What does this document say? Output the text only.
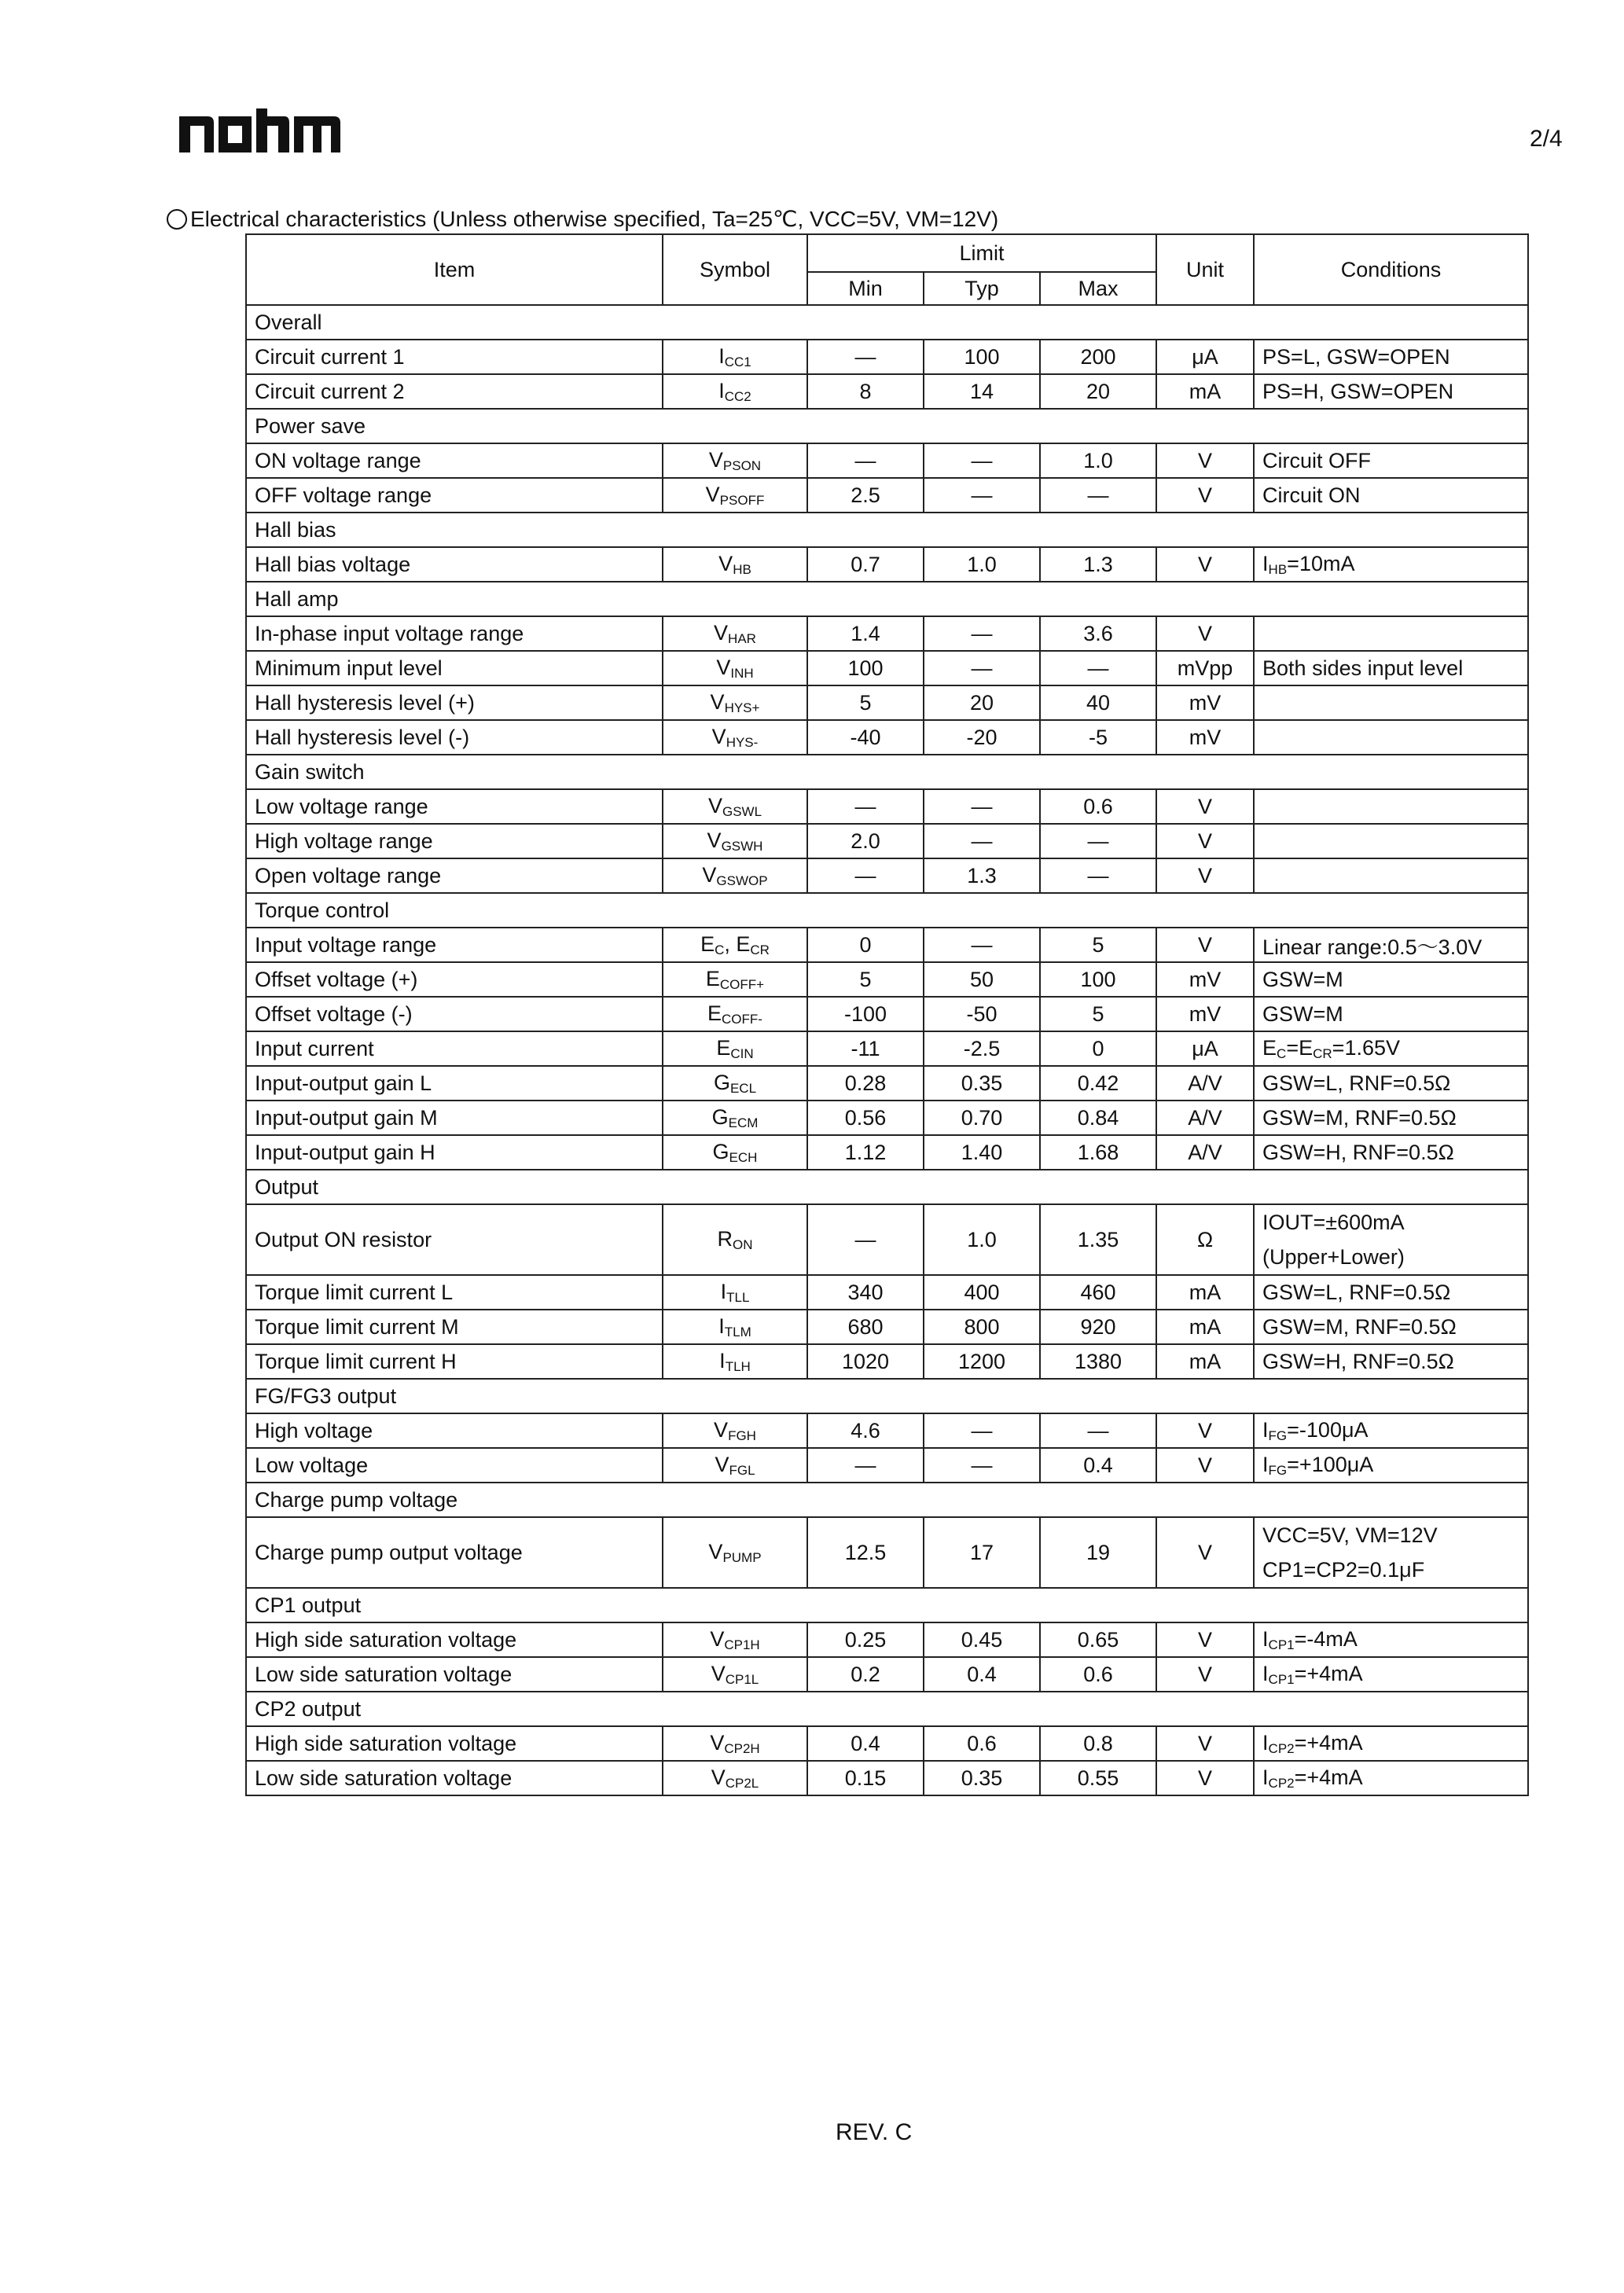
2/4
Electrical characteristics (Unless otherwise specified, Ta=25℃, VCC=5V, VM=12V)
Item	Symbol	Limit			Unit	Conditions
		Min	Typ	Max		
Overall						
Circuit current 1	$I_{CC1}$	—	100	200	μA	PS=L, GSW=OPEN
Circuit current 2	$I_{CC2}$	8	14	20	mA	PS=H, GSW=OPEN
Power save						
ON voltage range	$V_{PSON}$	—	—	1.0	V	Circuit OFF
OFF voltage range	$V_{PSOFF}$	2.5	—	—	V	Circuit ON
Hall bias						
Hall bias voltage	$V_{HB}$	0.7	1.0	1.3	V	$I_{HB}=10mA$
Hall amp						
In-phase input voltage range	$V_{HAR}$	1.4	—	3.6	V	
Minimum input level	$V_{INH}$	100	—	—	mVpp	Both sides input level
Hall hysteresis level (+)	$V_{HYS+}$	5	20	40	mV	
Hall hysteresis level (-)	$V_{HYS-}$	-40	-20	-5	mV	
Gain switch						
Low voltage range	$V_{GSWL}$	—	—	0.6	V	
High voltage range	$V_{GSWH}$	2.0	—	—	V	
Open voltage range	$V_{GSWOP}$	—	1.3	—	V	
Torque control						
Input voltage range	$E_C$, $E_{CR}$	0	—	5	V	Linear range:0.5～3.0V
Offset voltage (+)	$E_{COFF+}$	5	50	100	mV	GSW=M
Offset voltage (-)	$E_{COFF-}$	-100	-50	5	mV	GSW=M
Input current	$E_{CIN}$	-11	-2.5	0	μA	$E_C=E_{CR}=1.65V$
Input-output gain L	$G_{ECL}$	0.28	0.35	0.42	A/V	GSW=L, RNF=0.5Ω
Input-output gain M	$G_{ECM}$	0.56	0.70	0.84	A/V	GSW=M, RNF=0.5Ω
Input-output gain H	$G_{ECH}$	1.12	1.40	1.68	A/V	GSW=H, RNF=0.5Ω
Output						
Output ON resistor	$R_{ON}$	—	1.0	1.35	Ω	IOUT=±600mA
(Upper+Lower)
Torque limit current L	$I_{TLL}$	340	400	460	mA	GSW=L, RNF=0.5Ω
Torque limit current M	$I_{TLM}$	680	800	920	mA	GSW=M, RNF=0.5Ω
Torque limit current H	$I_{TLH}$	1020	1200	1380	mA	GSW=H, RNF=0.5Ω
FG/FG3 output						
High voltage	$V_{FGH}$	4.6	—	—	V	$I_{FG}=-100\mu A$
Low voltage	$V_{FGL}$	—	—	0.4	V	$I_{FG}=+100\mu A$
Charge pump voltage						
Charge pump output voltage	$V_{PUMP}$	12.5	17	19	V	VCC=5V, VM=12V
CP1=CP2=0.1μF
CP1 output						
High side saturation voltage	$V_{CP1H}$	0.25	0.45	0.65	V	$I_{CP1}=-4mA$
Low side saturation voltage	$V_{CP1L}$	0.2	0.4	0.6	V	$I_{CP1}=+4mA$
CP2 output						
High side saturation voltage	$V_{CP2H}$	0.4	0.6	0.8	V	$I_{CP2}=+4mA$
Low side saturation voltage	$V_{CP2L}$	0.15	0.35	0.55	V	$I_{CP2}=+4mA$
REV. C
